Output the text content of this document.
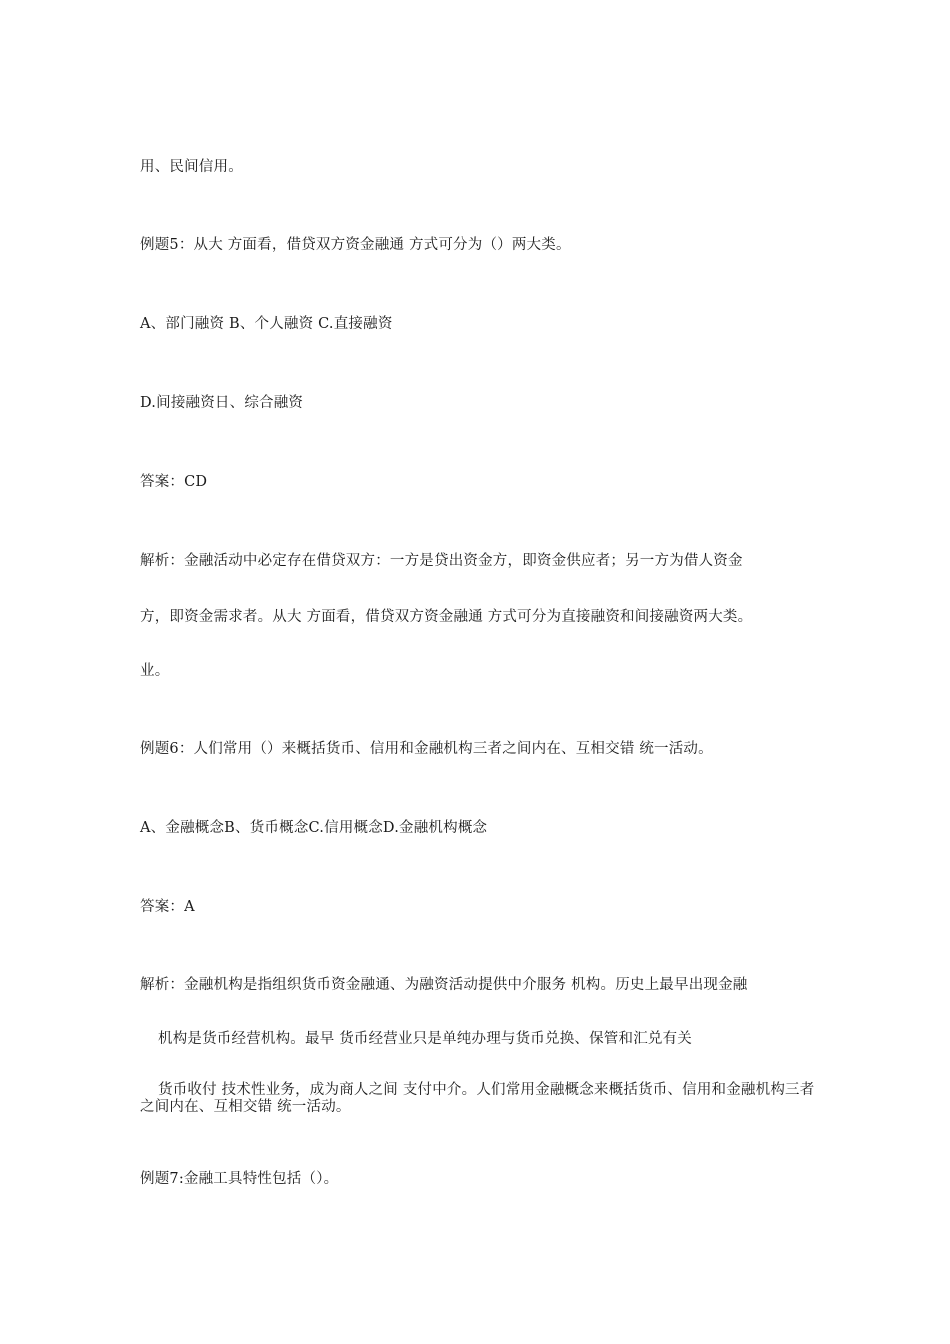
用、民间信用。
例题5：从大 方面看，借贷双方资金融通 方式可分为（）两大类。
A、部门融资 B、个人融资 C.直接融资
D.间接融资日、综合融资
答案：CD
解析：金融活动中必定存在借贷双方：一方是贷出资金方，即资金供应者；另一方为借人资金
方，即资金需求者。从大 方面看，借贷双方资金融通 方式可分为直接融资和间接融资两大类。
业。
例题6：人们常用（）来概括货币、信用和金融机构三者之间内在、互相交错 统一活动。
A、金融概念B、货币概念C.信用概念D.金融机构概念
答案：A
解析：金融机构是指组织货币资金融通、为融资活动提供中介服务 机构。历史上最早出现金融
机构是货币经营机构。最早 货币经营业只是单纯办理与货币兑换、保管和汇兑有关
货币收付 技术性业务，成为商人之间 支付中介。人们常用金融概念来概括货币、信用和金融机构三者之间内在、互相交错 统一活动。
例题7:金融工具特性包括（）。
